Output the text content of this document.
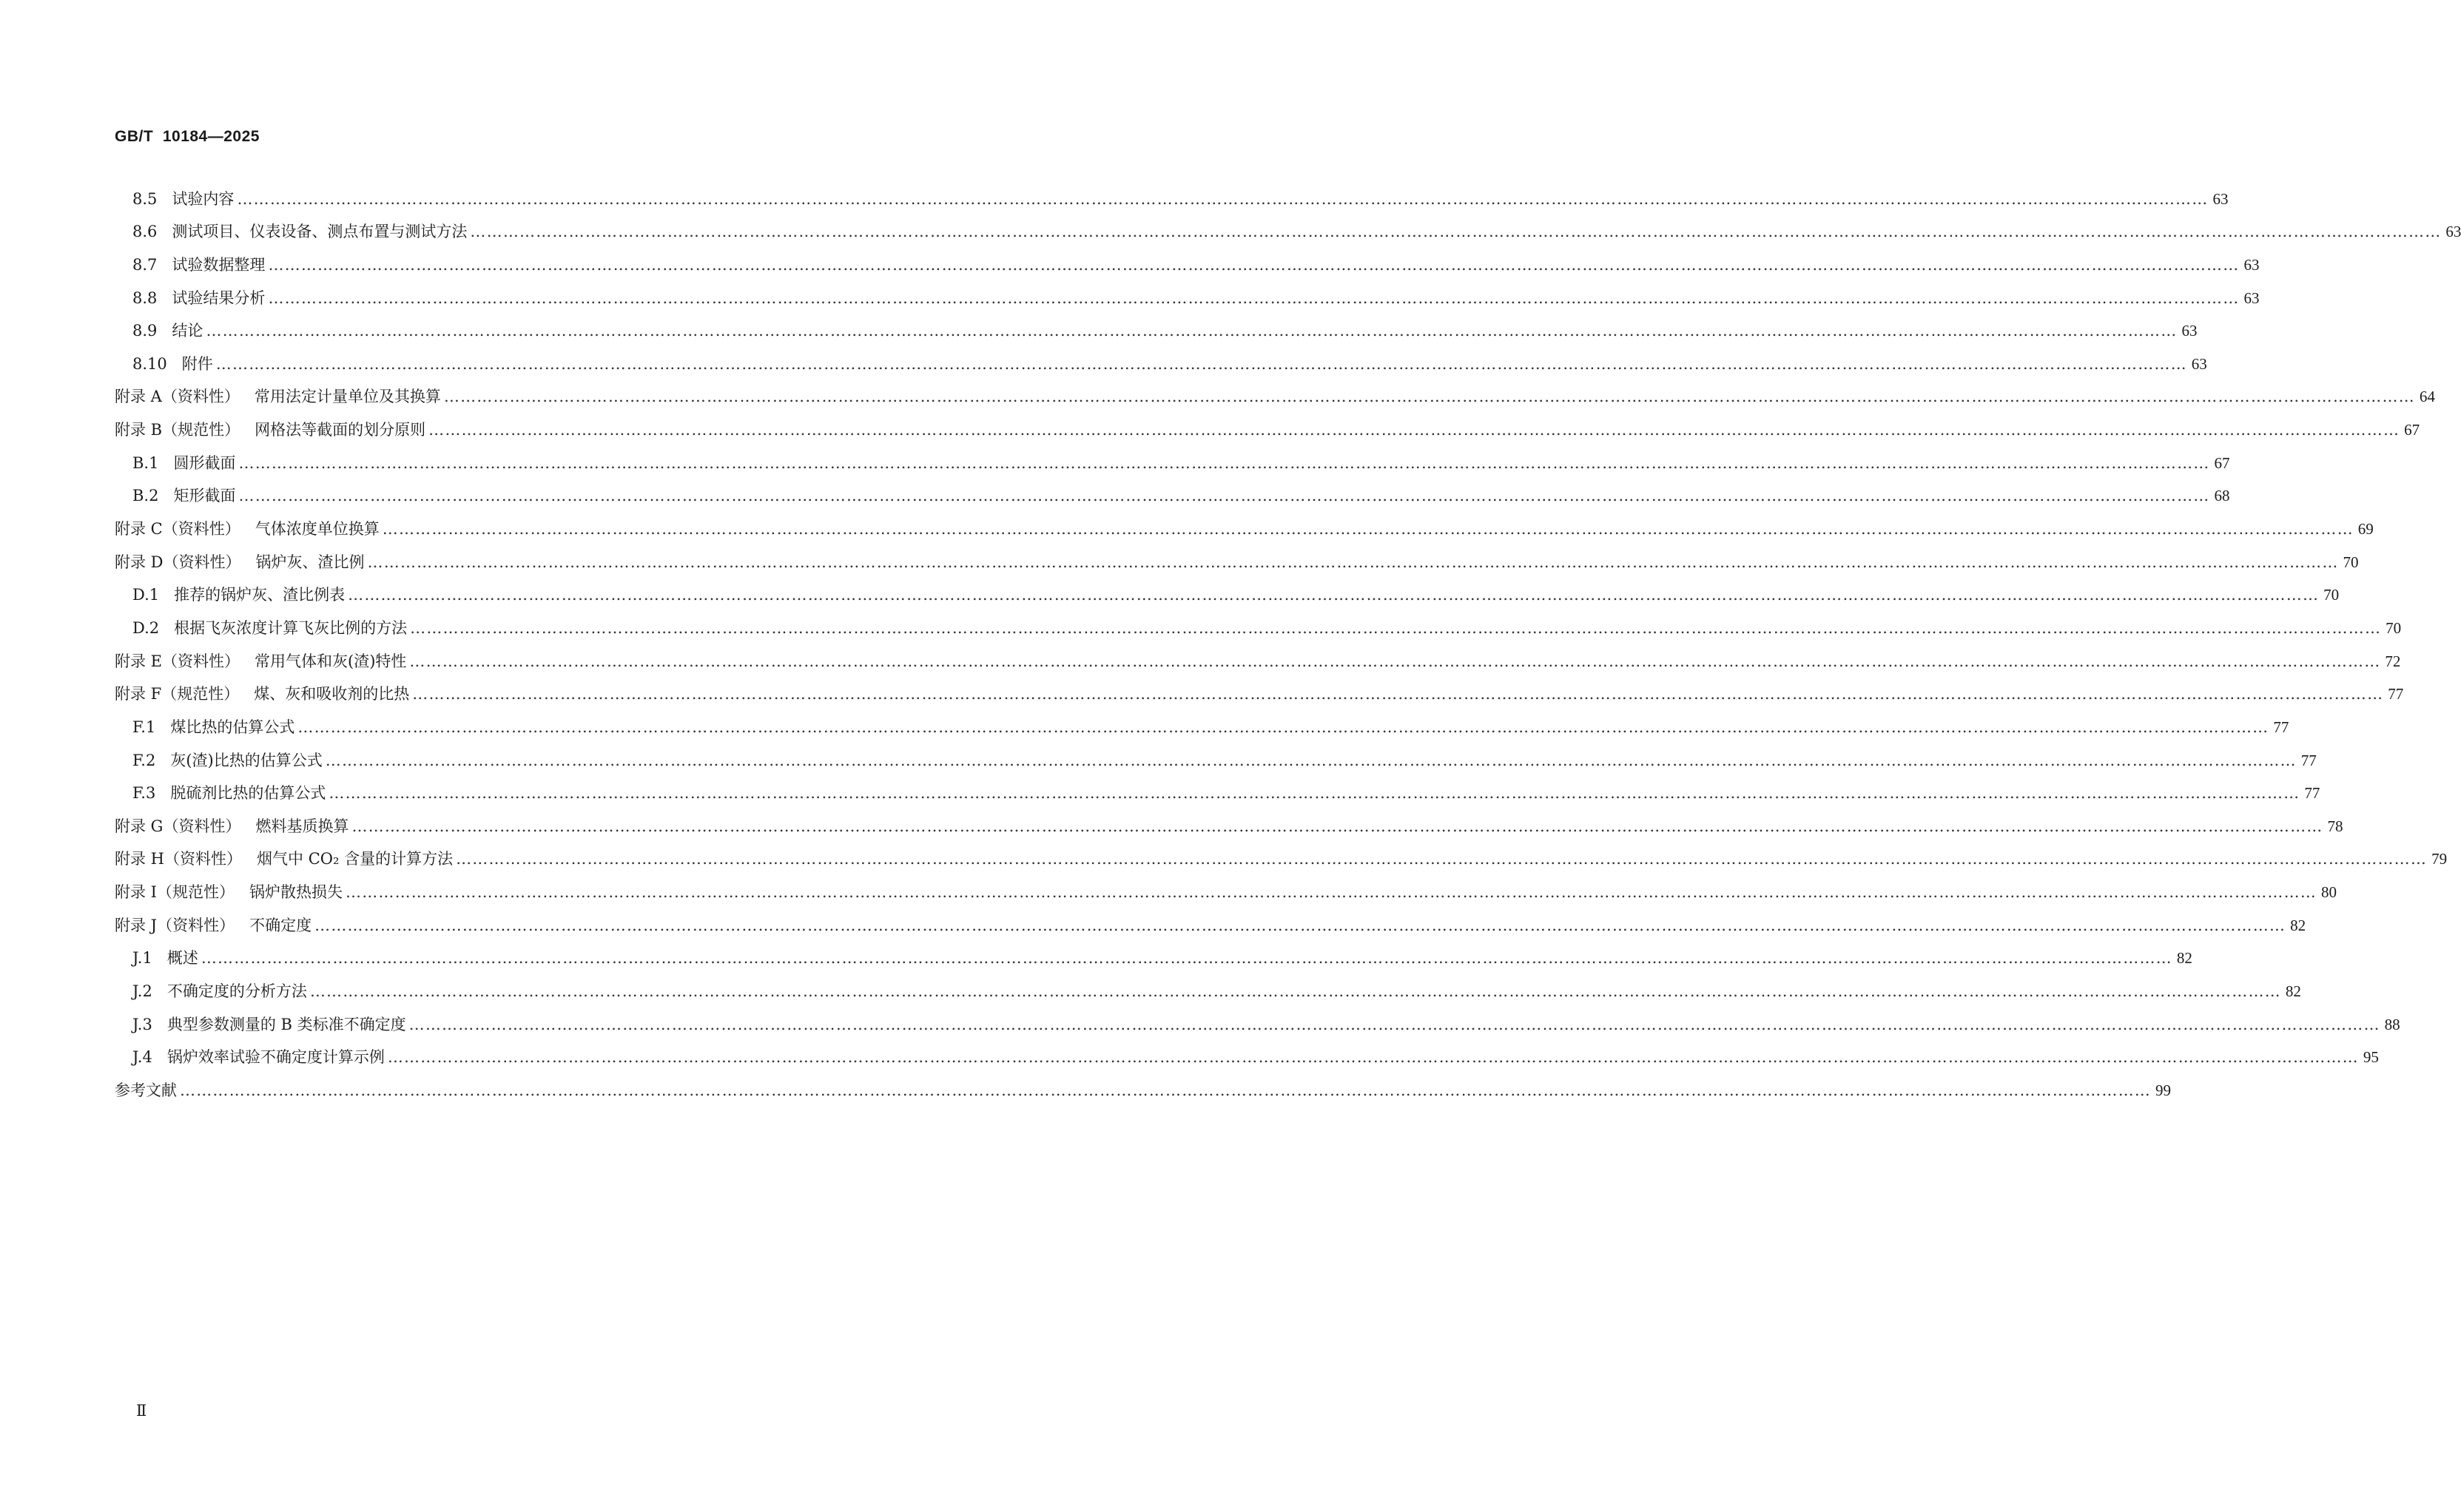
GB/T  10184—2025
8.5   试验内容 ……………………………………………………………………………………………………………………………………………………………………………………………………………………………………………………………………………………………………………………………… 63
8.6   测试项目、仪表设备、测点布置与测试方法 ……………………………………………………………………………………………………………………………………………………………………………………………………………………………………………………………………………………………………………………………… 63
8.7   试验数据整理 ……………………………………………………………………………………………………………………………………………………………………………………………………………………………………………………………………………………………………………………………… 63
8.8   试验结果分析 ……………………………………………………………………………………………………………………………………………………………………………………………………………………………………………………………………………………………………………………………… 63
8.9   结论 ……………………………………………………………………………………………………………………………………………………………………………………………………………………………………………………………………………………………………………………………… 63
8.10   附件 ……………………………………………………………………………………………………………………………………………………………………………………………………………………………………………………………………………………………………………………………… 63
附录 A（资料性）   常用法定计量单位及其换算 ……………………………………………………………………………………………………………………………………………………………………………………………………………………………………………………………………………………………………………………………… 64
附录 B（规范性）   网格法等截面的划分原则 ……………………………………………………………………………………………………………………………………………………………………………………………………………………………………………………………………………………………………………………………… 67
B.1   圆形截面 ……………………………………………………………………………………………………………………………………………………………………………………………………………………………………………………………………………………………………………………………… 67
B.2   矩形截面 ……………………………………………………………………………………………………………………………………………………………………………………………………………………………………………………………………………………………………………………………… 68
附录 C（资料性）   气体浓度单位换算 ……………………………………………………………………………………………………………………………………………………………………………………………………………………………………………………………………………………………………………………………… 69
附录 D（资料性）   锅炉灰、渣比例 ……………………………………………………………………………………………………………………………………………………………………………………………………………………………………………………………………………………………………………………………… 70
D.1   推荐的锅炉灰、渣比例表 ……………………………………………………………………………………………………………………………………………………………………………………………………………………………………………………………………………………………………………………………… 70
D.2   根据飞灰浓度计算飞灰比例的方法 ……………………………………………………………………………………………………………………………………………………………………………………………………………………………………………………………………………………………………………………………… 70
附录 E（资料性）   常用气体和灰(渣)特性 ……………………………………………………………………………………………………………………………………………………………………………………………………………………………………………………………………………………………………………………………… 72
附录 F（规范性）   煤、灰和吸收剂的比热 ……………………………………………………………………………………………………………………………………………………………………………………………………………………………………………………………………………………………………………………………… 77
F.1   煤比热的估算公式 ……………………………………………………………………………………………………………………………………………………………………………………………………………………………………………………………………………………………………………………………… 77
F.2   灰(渣)比热的估算公式 ……………………………………………………………………………………………………………………………………………………………………………………………………………………………………………………………………………………………………………………………… 77
F.3   脱硫剂比热的估算公式 ……………………………………………………………………………………………………………………………………………………………………………………………………………………………………………………………………………………………………………………………… 77
附录 G（资料性）   燃料基质换算 ……………………………………………………………………………………………………………………………………………………………………………………………………………………………………………………………………………………………………………………………… 78
附录 H（资料性）   烟气中 CO₂ 含量的计算方法 ……………………………………………………………………………………………………………………………………………………………………………………………………………………………………………………………………………………………………………………………… 79
附录 I（规范性）   锅炉散热损失 ……………………………………………………………………………………………………………………………………………………………………………………………………………………………………………………………………………………………………………………………… 80
附录 J（资料性）   不确定度 ……………………………………………………………………………………………………………………………………………………………………………………………………………………………………………………………………………………………………………………………… 82
J.1   概述 ……………………………………………………………………………………………………………………………………………………………………………………………………………………………………………………………………………………………………………………………… 82
J.2   不确定度的分析方法 ……………………………………………………………………………………………………………………………………………………………………………………………………………………………………………………………………………………………………………………………… 82
J.3   典型参数测量的 B 类标准不确定度 ……………………………………………………………………………………………………………………………………………………………………………………………………………………………………………………………………………………………………………………………… 88
J.4   锅炉效率试验不确定度计算示例 ……………………………………………………………………………………………………………………………………………………………………………………………………………………………………………………………………………………………………………………………… 95
参考文献 ……………………………………………………………………………………………………………………………………………………………………………………………………………………………………………………………………………………………………………………………… 99
Ⅱ
